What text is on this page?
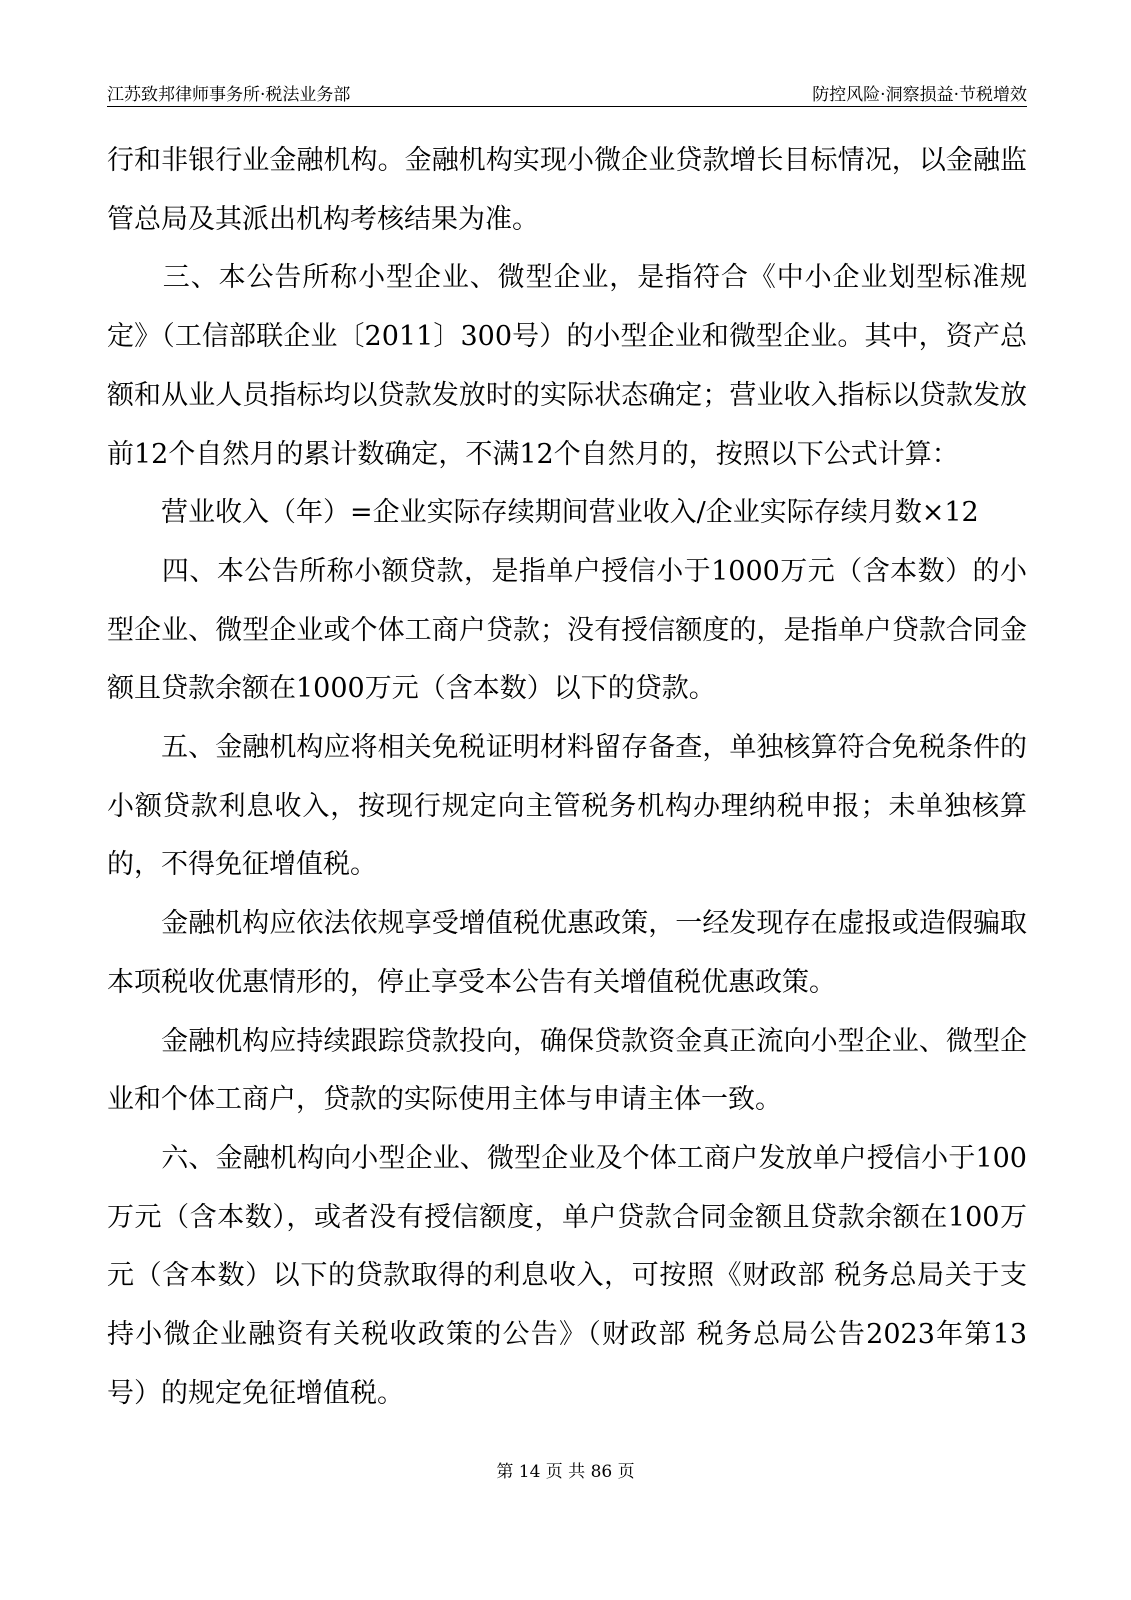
江苏致邦律师事务所·税法业务部	防控风险·洞察损益·节税增效

行和非银行业金融机构。金融机构实现小微企业贷款增长目标情况，以金融监管总局及其派出机构考核结果为准。

　　三、本公告所称小型企业、微型企业，是指符合《中小企业划型标准规定》（工信部联企业〔2011〕300号）的小型企业和微型企业。其中，资产总额和从业人员指标均以贷款发放时的实际状态确定；营业收入指标以贷款发放前12个自然月的累计数确定，不满12个自然月的，按照以下公式计算：

　　营业收入（年）=企业实际存续期间营业收入/企业实际存续月数×12

　　四、本公告所称小额贷款，是指单户授信小于1000万元（含本数）的小型企业、微型企业或个体工商户贷款；没有授信额度的，是指单户贷款合同金额且贷款余额在1000万元（含本数）以下的贷款。

　　五、金融机构应将相关免税证明材料留存备查，单独核算符合免税条件的小额贷款利息收入，按现行规定向主管税务机构办理纳税申报；未单独核算的，不得免征增值税。

　　金融机构应依法依规享受增值税优惠政策，一经发现存在虚报或造假骗取本项税收优惠情形的，停止享受本公告有关增值税优惠政策。

　　金融机构应持续跟踪贷款投向，确保贷款资金真正流向小型企业、微型企业和个体工商户，贷款的实际使用主体与申请主体一致。

　　六、金融机构向小型企业、微型企业及个体工商户发放单户授信小于100万元（含本数），或者没有授信额度，单户贷款合同金额且贷款余额在100万元（含本数）以下的贷款取得的利息收入，可按照《财政部 税务总局关于支持小微企业融资有关税收政策的公告》（财政部 税务总局公告2023年第13号）的规定免征增值税。

第 14 页 共 86 页
